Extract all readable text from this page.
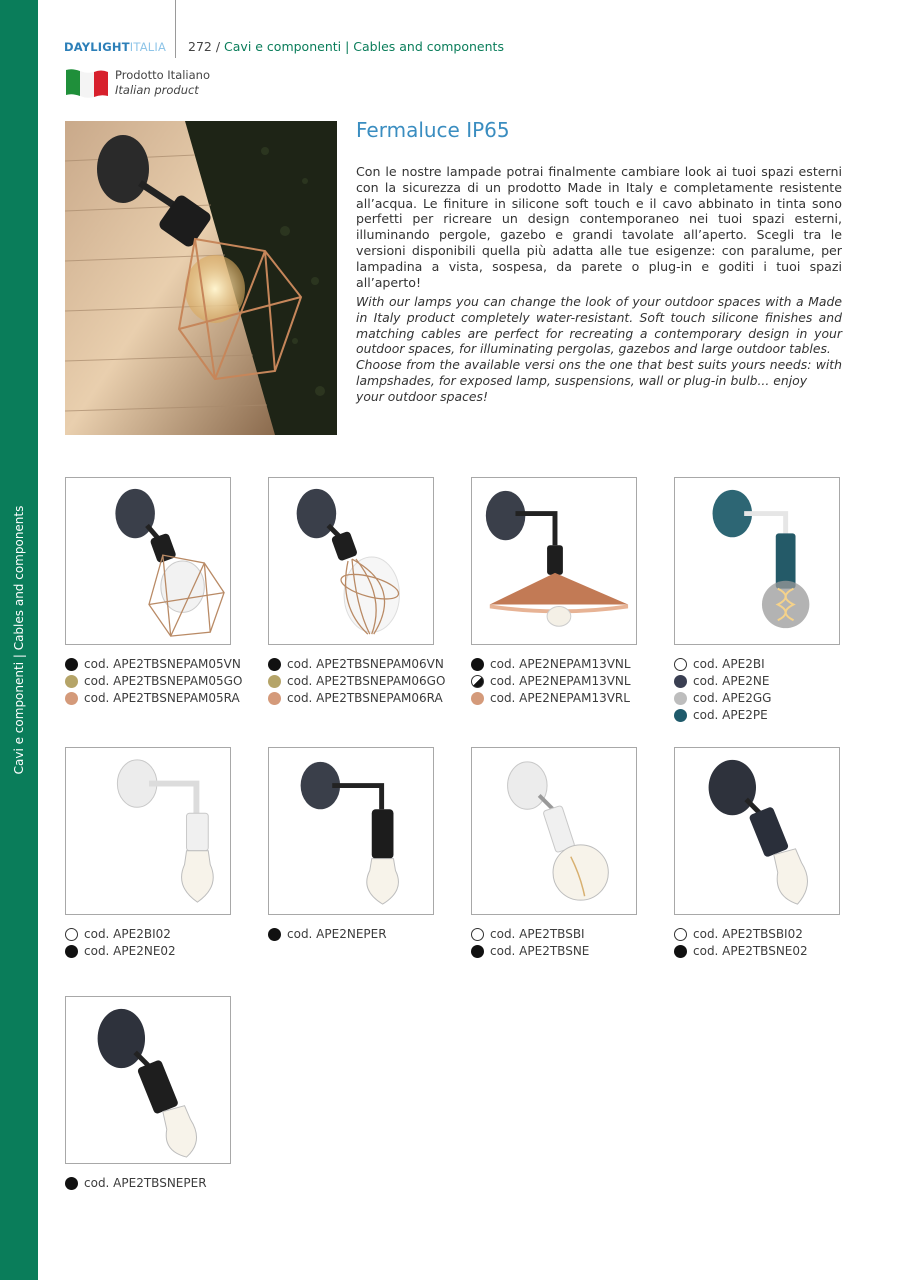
Cavi e componenti | Cables and components
DAYLIGHTITALIA 272 / Cavi e componenti | Cables and components
Prodotto Italiano
Italian product
Fermaluce IP65

Con le nostre lampade potrai finalmente cambiare look ai tuoi spazi esterni con la sicurezza di un prodotto Made in Italy e completamente resistente all’acqua. Le finiture in silicone soft touch e il cavo abbinato in tinta sono perfetti per ricreare un design contemporaneo nei tuoi spazi esterni, illuminando pergole, gazebo e grandi tavolate all’aperto. Scegli tra le versioni disponibili quella più adatta alle tue esigenze: con paralume, per lampadina a vista, sospesa, da parete o plug-in e goditi i tuoi spazi all’aperto!

With our lamps you can change the look of your outdoor spaces with a Made in Italy product completely water-resistant. Soft touch silicone finishes and matching cables are perfect for recreating a contemporary design in your outdoor spaces, for illuminating pergolas, gazebos and large outdoor tables.
Choose from the available versi ons the one that best suits yours needs: with lampshades, for exposed lamp, suspensions, wall or plug-in bulb... enjoy
your outdoor spaces!
cod. APE2TBSNEPAM05VN
cod. APE2TBSNEPAM05GO
cod. APE2TBSNEPAM05RA
cod. APE2TBSNEPAM06VN
cod. APE2TBSNEPAM06GO
cod. APE2TBSNEPAM06RA
cod. APE2NEPAM13VNL
cod. APE2NEPAM13VNL
cod. APE2NEPAM13VRL
cod. APE2BI
cod. APE2NE
cod. APE2GG
cod. APE2PE
cod. APE2BI02
cod. APE2NE02
cod. APE2NEPER	cod. APE2TBSBI
cod. APE2TBSNE
cod. APE2TBSBI02
cod. APE2TBSNE02
cod. APE2TBSNEPER
